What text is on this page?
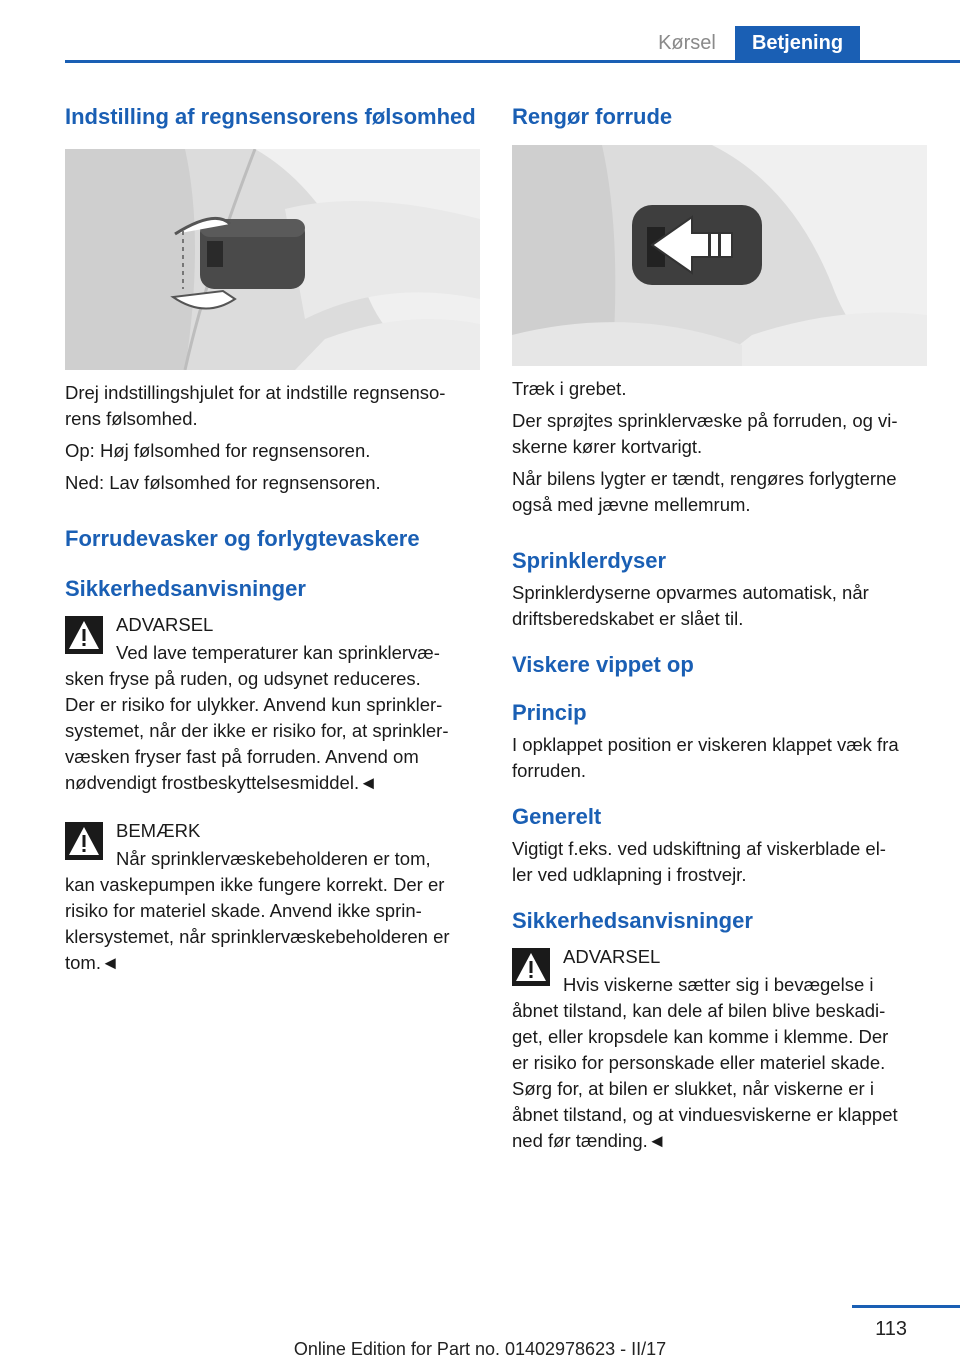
Kørsel	Betjening
Indstilling af regnsensorens følsomhed

Drej indstillingshjulet for at indstille regnsenso‐
rens følsomhed.

Op: Høj følsomhed for regnsensoren.

Ned: Lav følsomhed for regnsensoren.

Forrudevasker og forlygtevaskere
Sikkerhedsanvisninger

ADVARSEL

Ved lave temperaturer kan sprinklervæ‐

sken fryse på ruden, og udsynet reduceres.
Der er risiko for ulykker. Anvend kun sprinkler‐
systemet, når der ikke er risiko for, at sprinkler‐
væsken fryser fast på forruden. Anvend om
nødvendigt frostbeskyttelsesmiddel.◄

BEMÆRK

Når sprinklervæskebeholderen er tom,

kan vaskepumpen ikke fungere korrekt. Der er
risiko for materiel skade. Anvend ikke sprin‐
klersystemet, når sprinklervæskebeholderen er
tom.◄

Rengør forrude

Træk i grebet.

Der sprøjtes sprinklervæske på forruden, og vi‐
skerne kører kortvarigt.

Når bilens lygter er tændt, rengøres forlygterne
også med jævne mellemrum.

Sprinklerdyser

Sprinklerdyserne opvarmes automatisk, når
driftsberedskabet er slået til.

Viskere vippet op
Princip

I opklappet position er viskeren klappet væk fra
forruden.

Generelt

Vigtigt f.eks. ved udskiftning af viskerblade el‐
ler ved udklapning i frostvejr.

Sikkerhedsanvisninger

ADVARSEL

Hvis viskerne sætter sig i bevægelse i

åbnet tilstand, kan dele af bilen blive beskadi‐
get, eller kropsdele kan komme i klemme. Der
er risiko for personskade eller materiel skade.
Sørg for, at bilen er slukket, når viskerne er i
åbnet tilstand, og at vinduesviskerne er klappet
ned før tænding.◄

113
Online Edition for Part no. 01402978623 - II/17
